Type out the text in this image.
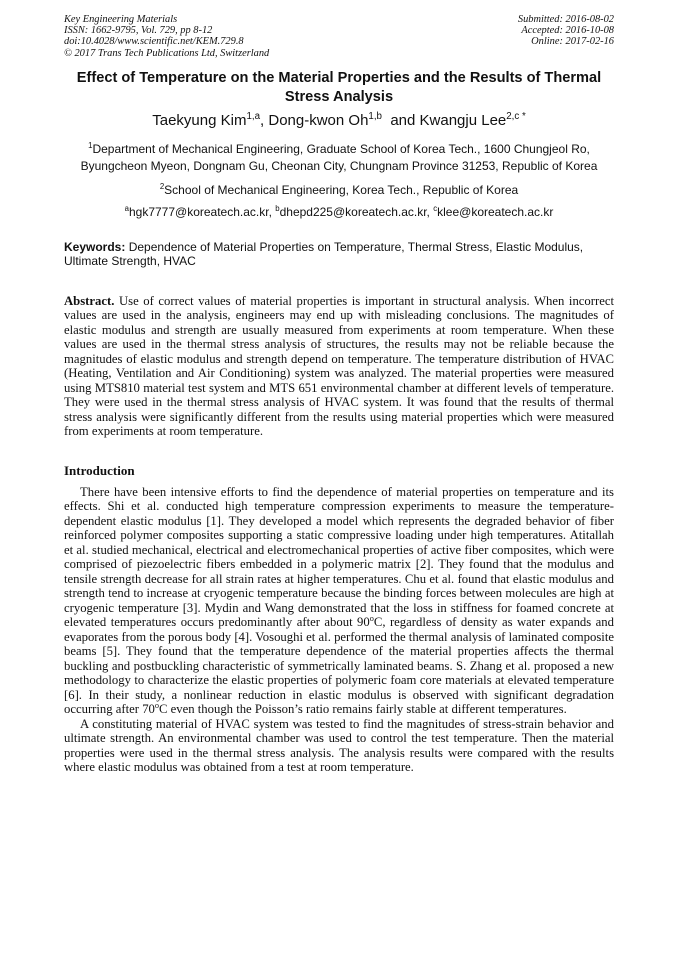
Key Engineering Materials
ISSN: 1662-9795, Vol. 729, pp 8-12
doi:10.4028/www.scientific.net/KEM.729.8
© 2017 Trans Tech Publications Ltd, Switzerland
Submitted: 2016-08-02
Accepted: 2016-10-08
Online: 2017-02-16
Effect of Temperature on the Material Properties and the Results of Thermal Stress Analysis
Taekyung Kim$^{1,a}$, Dong-kwon Oh$^{1,b}$  and Kwangju Lee$^{2,c *}$
$^1$Department of Mechanical Engineering, Graduate School of Korea Tech., 1600 Chungjeol Ro, Byungcheon Myeon, Dongnam Gu, Cheonan City, Chungnam Province 31253, Republic of Korea
$^2$School of Mechanical Engineering, Korea Tech., Republic of Korea
$^a$hgk7777@koreatech.ac.kr, $^b$dhepd225@koreatech.ac.kr, $^c$klee@koreatech.ac.kr
Keywords: Dependence of Material Properties on Temperature, Thermal Stress, Elastic Modulus, Ultimate Strength, HVAC
Abstract. Use of correct values of material properties is important in structural analysis. When incorrect values are used in the analysis, engineers may end up with misleading conclusions. The magnitudes of elastic modulus and strength are usually measured from experiments at room temperature. When these values are used in the thermal stress analysis of structures, the results may not be reliable because the magnitudes of elastic modulus and strength depend on temperature. The temperature distribution of HVAC (Heating, Ventilation and Air Conditioning) system was analyzed. The material properties were measured using MTS810 material test system and MTS 651 environmental chamber at different levels of temperature. They were used in the thermal stress analysis of HVAC system. It was found that the results of thermal stress analysis were significantly different from the results using material properties which were measured from experiments at room temperature.
Introduction

There have been intensive efforts to find the dependence of material properties on temperature and its effects. Shi et al. conducted high temperature compression experiments to measure the temperature-dependent elastic modulus [1]. They developed a model which represents the degraded behavior of fiber reinforced polymer composites supporting a static compressive loading under high temperatures. Atitallah et al. studied mechanical, electrical and electromechanical properties of active fiber composites, which were comprised of piezoelectric fibers embedded in a polymeric matrix [2]. They found that the modulus and tensile strength decrease for all strain rates at higher temperatures. Chu et al. found that elastic modulus and strength tend to increase at cryogenic temperature because the binding forces between molecules are high at cryogenic temperature [3]. Mydin and Wang demonstrated that the loss in stiffness for foamed concrete at elevated temperatures occurs predominantly after about 90$^o$C, regardless of density as water expands and evaporates from the porous body [4]. Vosoughi et al. performed the thermal analysis of laminated composite beams [5]. They found that the temperature dependence of the material properties affects the thermal buckling and postbuckling characteristic of symmetrically laminated beams. S. Zhang et al. proposed a new methodology to characterize the elastic properties of polymeric foam core materials at elevated temperature [6]. In their study, a nonlinear reduction in elastic modulus is observed with significant degradation occurring after 70$^o$C even though the Poisson’s ratio remains fairly stable at different temperatures.

A constituting material of HVAC system was tested to find the magnitudes of stress-strain behavior and ultimate strength. An environmental chamber was used to control the test temperature. Then the material properties were used in the thermal stress analysis. The analysis results were compared with the results where elastic modulus was obtained from a test at room temperature.
